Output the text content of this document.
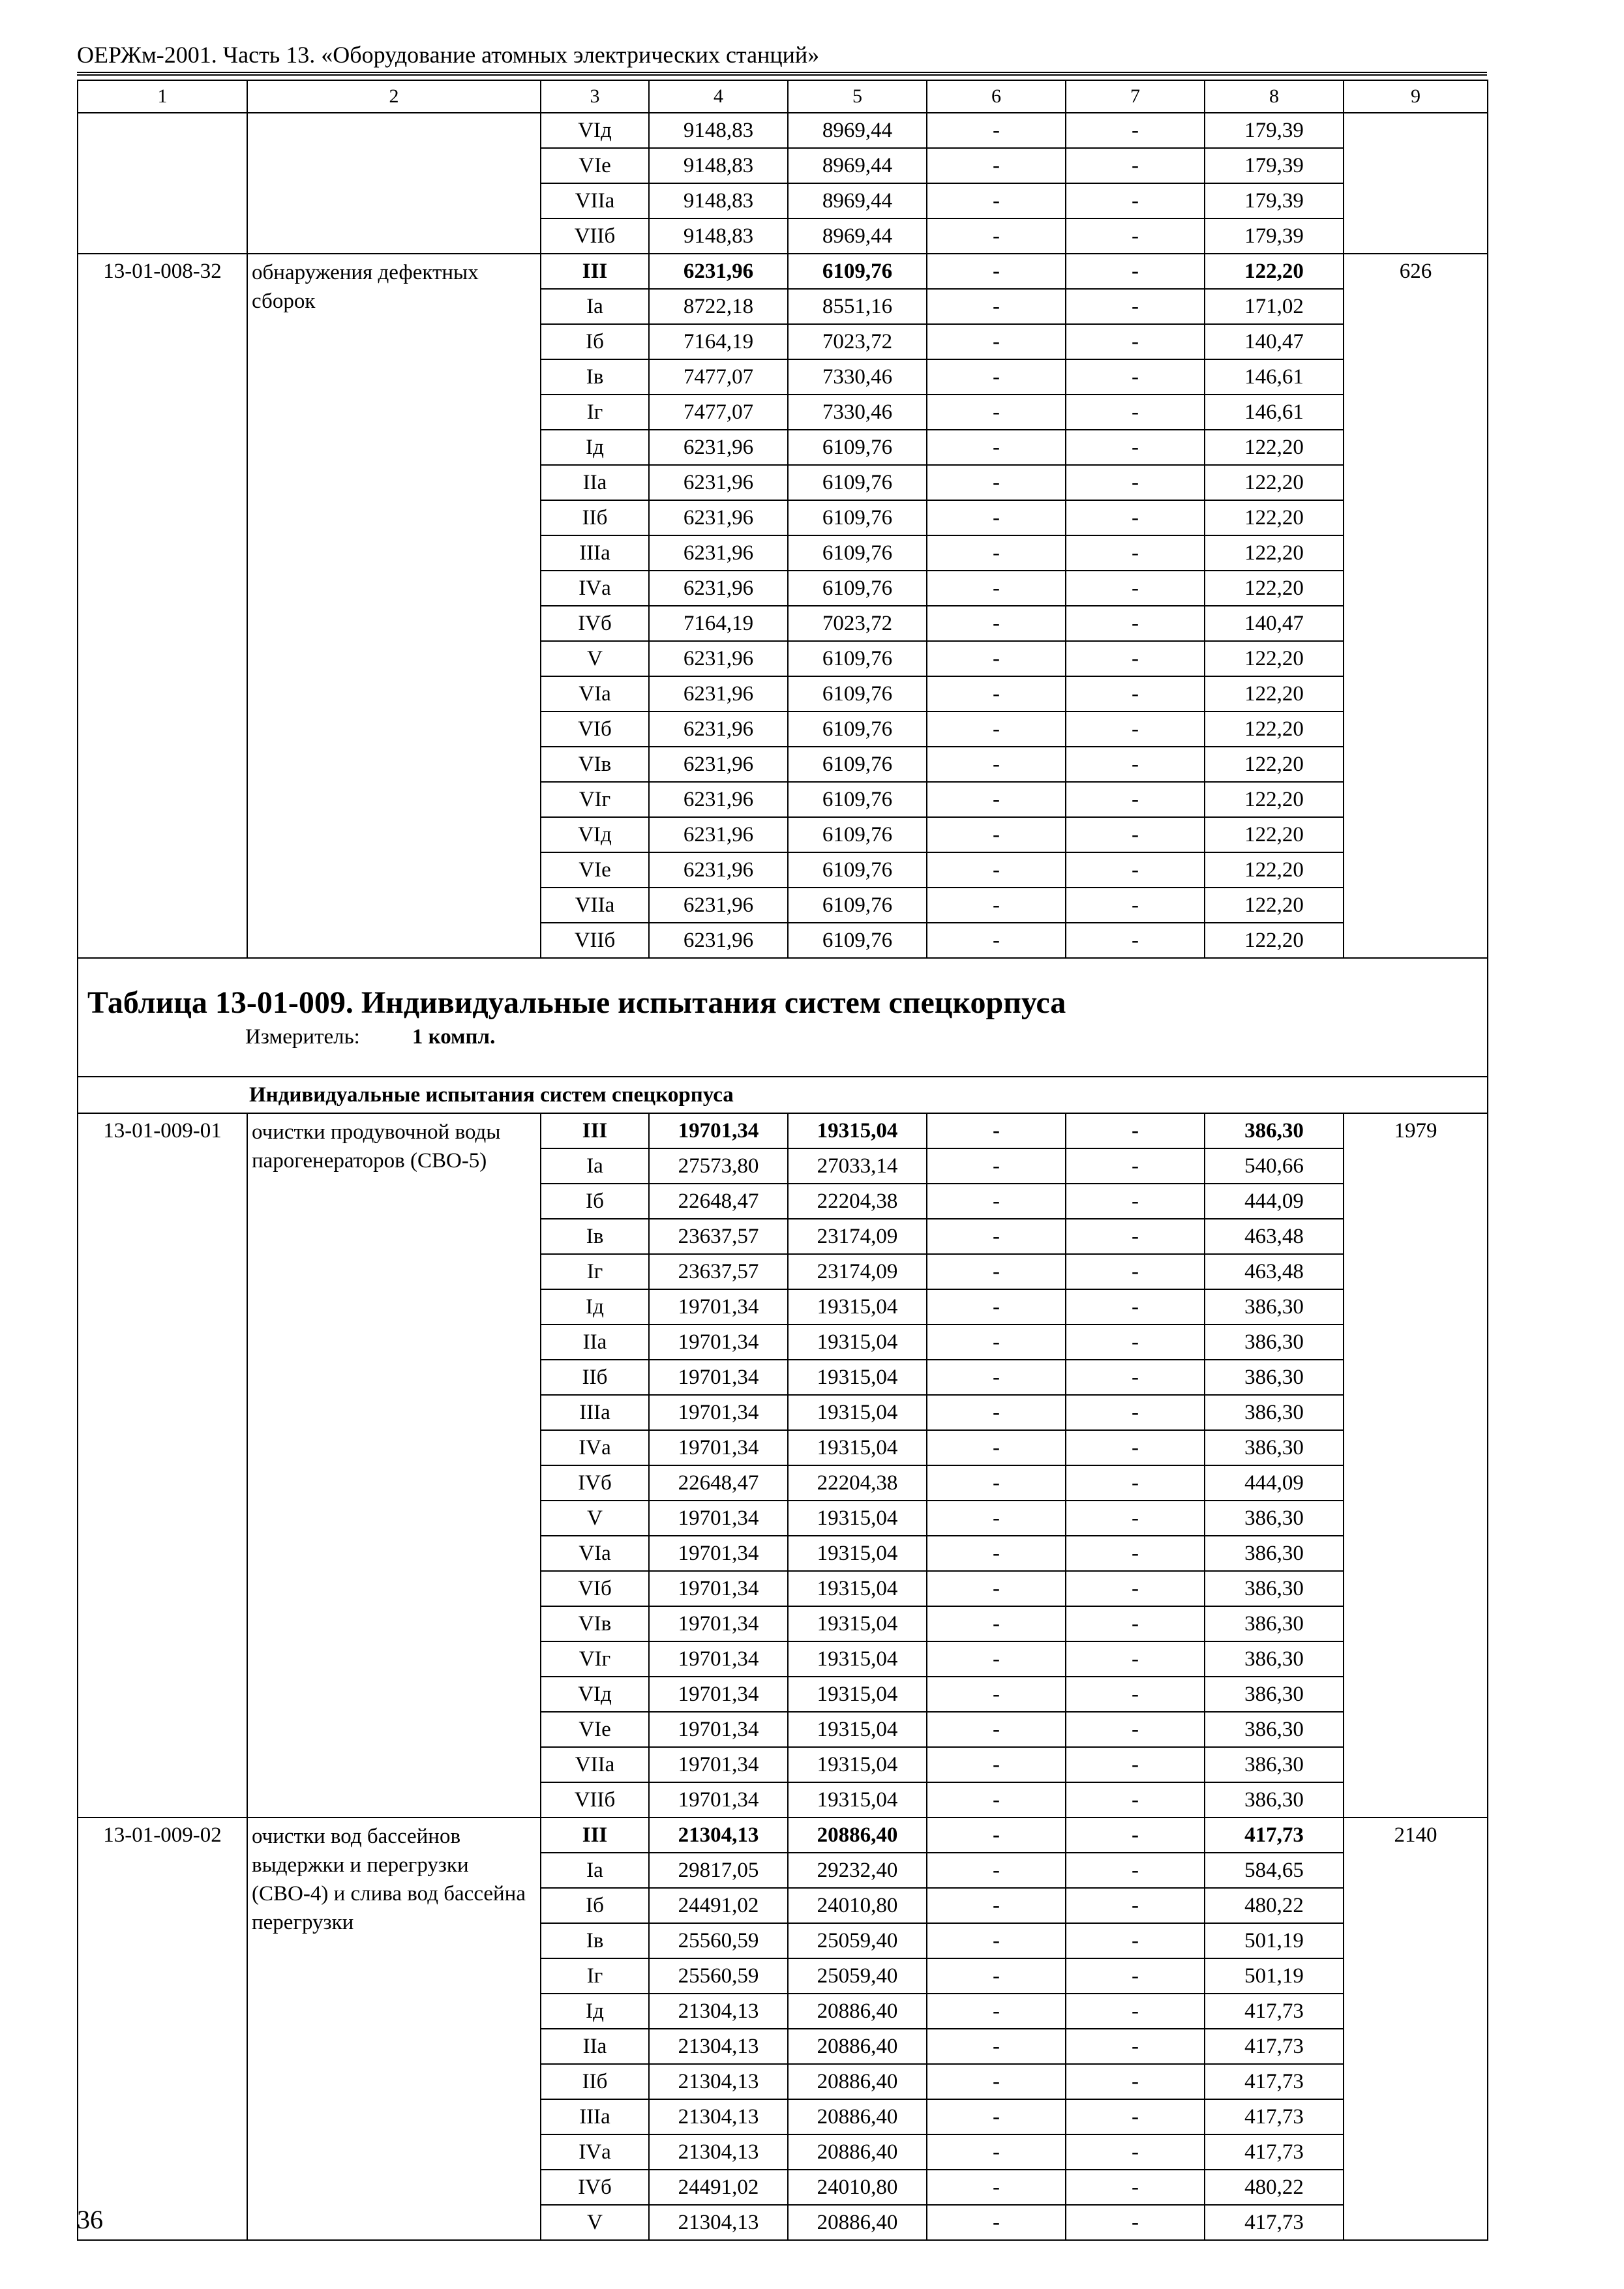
ОЕРЖм-2001. Часть 13. «Оборудование атомных электрических станций»
1	2	3	4	5	6	7	8	9
		VIд	9148,83	8969,44	-	-	179,39	
		VIе	9148,83	8969,44	-	-	179,39	
		VIIа	9148,83	8969,44	-	-	179,39	
		VIIб	9148,83	8969,44	-	-	179,39	
13-01-008-32	обнаружения дефектных сборок	III	6231,96	6109,76	-	-	122,20	626
		Iа	8722,18	8551,16	-	-	171,02	
		Iб	7164,19	7023,72	-	-	140,47	
		Iв	7477,07	7330,46	-	-	146,61	
		Iг	7477,07	7330,46	-	-	146,61	
		Iд	6231,96	6109,76	-	-	122,20	
		IIа	6231,96	6109,76	-	-	122,20	
		IIб	6231,96	6109,76	-	-	122,20	
		IIIа	6231,96	6109,76	-	-	122,20	
		IVа	6231,96	6109,76	-	-	122,20	
		IVб	7164,19	7023,72	-	-	140,47	
		V	6231,96	6109,76	-	-	122,20	
		VIа	6231,96	6109,76	-	-	122,20	
		VIб	6231,96	6109,76	-	-	122,20	
		VIв	6231,96	6109,76	-	-	122,20	
		VIг	6231,96	6109,76	-	-	122,20	
		VIд	6231,96	6109,76	-	-	122,20	
		VIе	6231,96	6109,76	-	-	122,20	
		VIIа	6231,96	6109,76	-	-	122,20	
		VIIб	6231,96	6109,76	-	-	122,20	

Таблица 13-01-009. Индивидуальные испытания систем спецкорпуса
Измеритель: 1 компл.								

Индивидуальные испытания систем спецкорпуса								
13-01-009-01	очистки продувочной воды парогенераторов (СВО-5)	III	19701,34	19315,04	-	-	386,30	1979
		Iа	27573,80	27033,14	-	-	540,66	
		Iб	22648,47	22204,38	-	-	444,09	
		Iв	23637,57	23174,09	-	-	463,48	
		Iг	23637,57	23174,09	-	-	463,48	
		Iд	19701,34	19315,04	-	-	386,30	
		IIа	19701,34	19315,04	-	-	386,30	
		IIб	19701,34	19315,04	-	-	386,30	
		IIIа	19701,34	19315,04	-	-	386,30	
		IVа	19701,34	19315,04	-	-	386,30	
		IVб	22648,47	22204,38	-	-	444,09	
		V	19701,34	19315,04	-	-	386,30	
		VIа	19701,34	19315,04	-	-	386,30	
		VIб	19701,34	19315,04	-	-	386,30	
		VIв	19701,34	19315,04	-	-	386,30	
		VIг	19701,34	19315,04	-	-	386,30	
		VIд	19701,34	19315,04	-	-	386,30	
		VIе	19701,34	19315,04	-	-	386,30	
		VIIа	19701,34	19315,04	-	-	386,30	
		VIIб	19701,34	19315,04	-	-	386,30	
13-01-009-02	очистки вод бассейнов выдержки и перегрузки (СВО-4) и слива вод бассейна перегрузки	III	21304,13	20886,40	-	-	417,73	2140
		Iа	29817,05	29232,40	-	-	584,65	
		Iб	24491,02	24010,80	-	-	480,22	
		Iв	25560,59	25059,40	-	-	501,19	
		Iг	25560,59	25059,40	-	-	501,19	
		Iд	21304,13	20886,40	-	-	417,73	
		IIа	21304,13	20886,40	-	-	417,73	
		IIб	21304,13	20886,40	-	-	417,73	
		IIIа	21304,13	20886,40	-	-	417,73	
		IVа	21304,13	20886,40	-	-	417,73	
		IVб	24491,02	24010,80	-	-	480,22	
		V	21304,13	20886,40	-	-	417,73	
36
